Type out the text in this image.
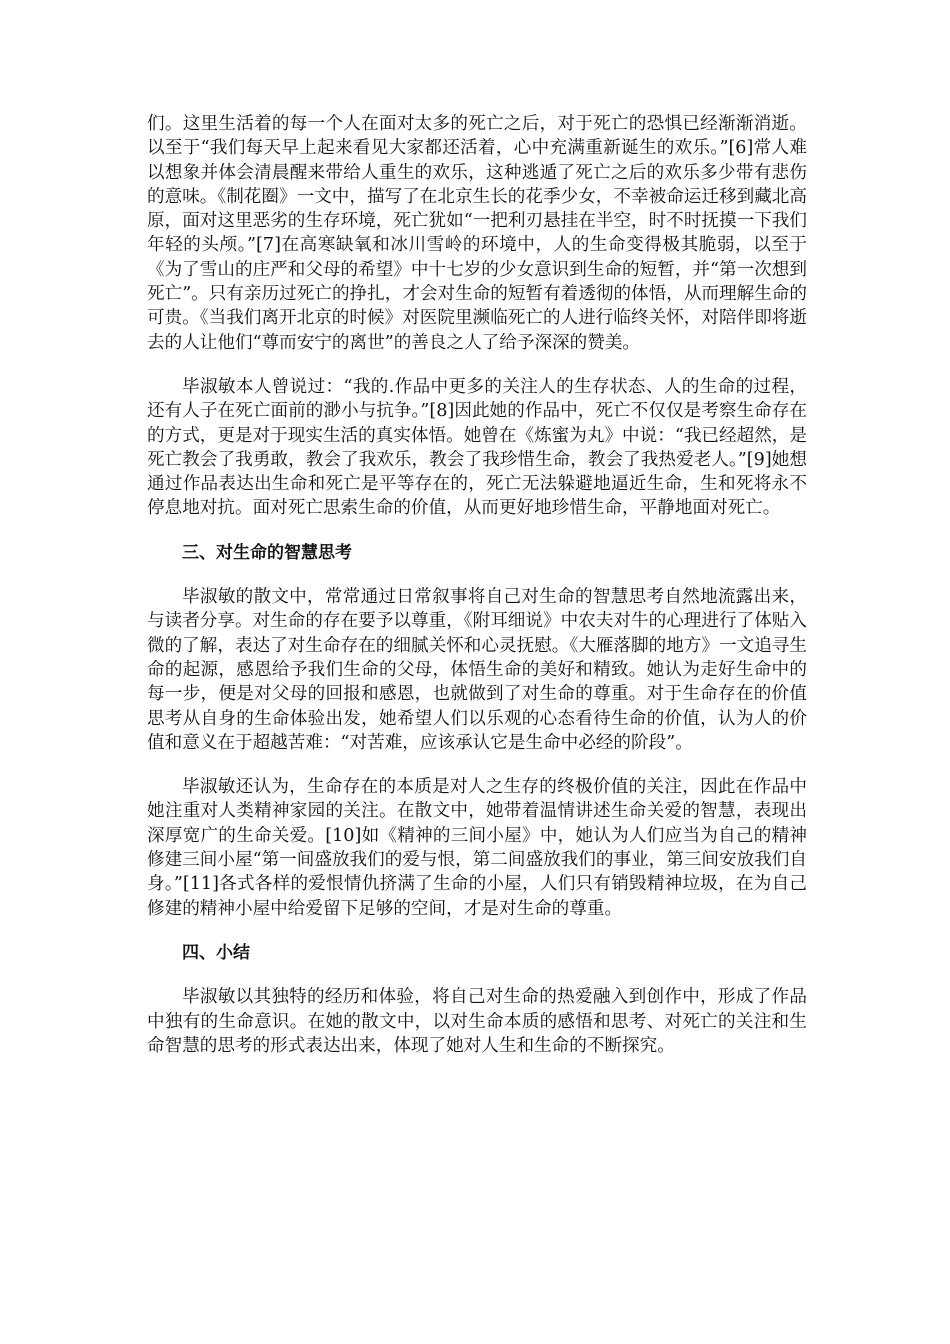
们。这里生活着的每一个人在面对太多的死亡之后，对于死亡的恐惧已经渐渐消逝。以至于“我们每天早上起来看见大家都还活着，心中充满重新诞生的欢乐。”[6]常人难以想象并体会清晨醒来带给人重生的欢乐，这种逃遁了死亡之后的欢乐多少带有悲伤的意味。《制花圈》一文中，描写了在北京生长的花季少女，不幸被命运迁移到藏北高原，面对这里恶劣的生存环境，死亡犹如“一把利刃悬挂在半空，时不时抚摸一下我们年轻的头颅。”[7]在高寒缺氧和冰川雪岭的环境中，人的生命变得极其脆弱，以至于《为了雪山的庄严和父母的希望》中十七岁的少女意识到生命的短暂，并“第一次想到死亡”。只有亲历过死亡的挣扎，才会对生命的短暂有着透彻的体悟，从而理解生命的可贵。《当我们离开北京的时候》对医院里濒临死亡的人进行临终关怀，对陪伴即将逝去的人让他们“尊而安宁的离世”的善良之人了给予深深的赞美。

毕淑敏本人曾说过：“我的.作品中更多的关注人的生存状态、人的生命的过程，还有人子在死亡面前的渺小与抗争。”[8]因此她的作品中，死亡不仅仅是考察生命存在的方式，更是对于现实生活的真实体悟。她曾在《炼蜜为丸》中说：“我已经超然，是死亡教会了我勇敢，教会了我欢乐，教会了我珍惜生命，教会了我热爱老人。”[9]她想通过作品表达出生命和死亡是平等存在的，死亡无法躲避地逼近生命，生和死将永不停息地对抗。面对死亡思索生命的价值，从而更好地珍惜生命，平静地面对死亡。

三、对生命的智慧思考

毕淑敏的散文中，常常通过日常叙事将自己对生命的智慧思考自然地流露出来，与读者分享。对生命的存在要予以尊重，《附耳细说》中农夫对牛的心理进行了体贴入微的了解，表达了对生命存在的细腻关怀和心灵抚慰。《大雁落脚的地方》一文追寻生命的起源，感恩给予我们生命的父母，体悟生命的美好和精致。她认为走好生命中的每一步，便是对父母的回报和感恩，也就做到了对生命的尊重。对于生命存在的价值思考从自身的生命体验出发，她希望人们以乐观的心态看待生命的价值，认为人的价值和意义在于超越苦难：“对苦难，应该承认它是生命中必经的阶段”。

毕淑敏还认为，生命存在的本质是对人之生存的终极价值的关注，因此在作品中她注重对人类精神家园的关注。在散文中，她带着温情讲述生命关爱的智慧，表现出深厚宽广的生命关爱。[10]如《精神的三间小屋》中，她认为人们应当为自己的精神修建三间小屋“第一间盛放我们的爱与恨，第二间盛放我们的事业，第三间安放我们自身。”[11]各式各样的爱恨情仇挤满了生命的小屋，人们只有销毁精神垃圾，在为自己修建的精神小屋中给爱留下足够的空间，才是对生命的尊重。

四、小结

毕淑敏以其独特的经历和体验，将自己对生命的热爱融入到创作中，形成了作品中独有的生命意识。在她的散文中，以对生命本质的感悟和思考、对死亡的关注和生命智慧的思考的形式表达出来，体现了她对人生和生命的不断探究。
